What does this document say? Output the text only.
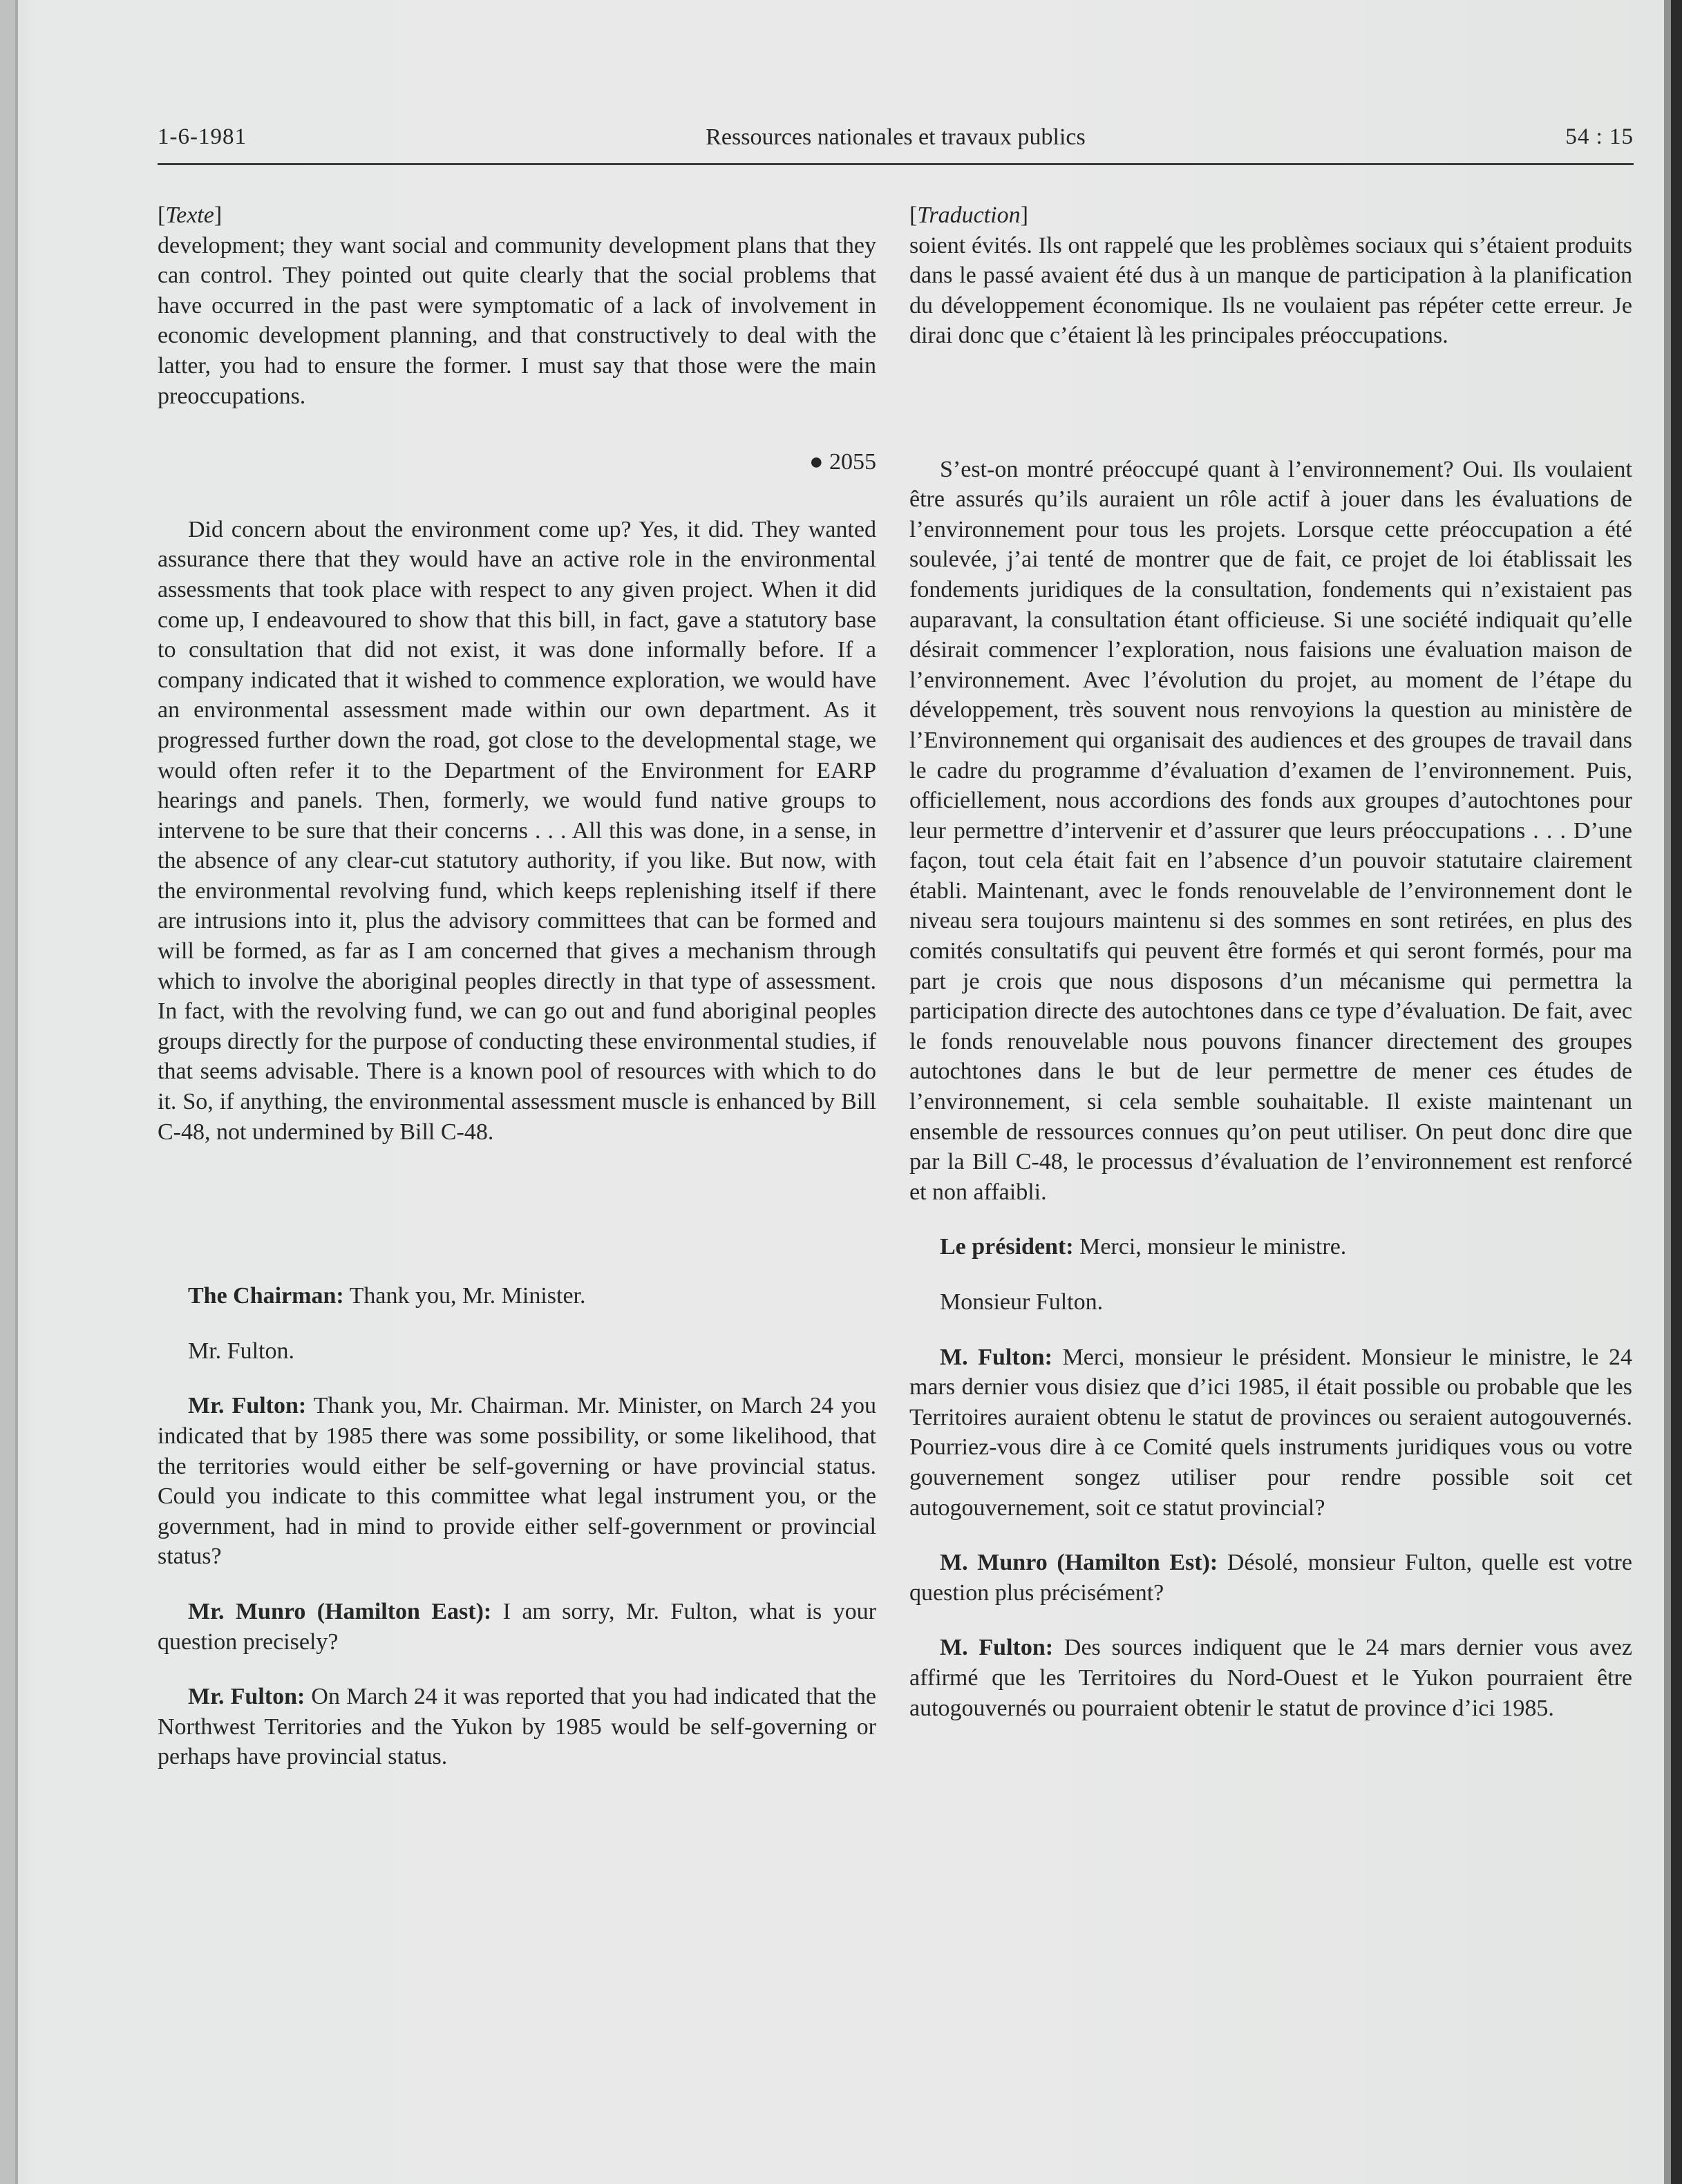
1-6-1981	Ressources nationales et travaux publics	54 : 15

[Texte]

development; they want social and community development plans that they can control. They pointed out quite clearly that the social problems that have occurred in the past were symptomatic of a lack of involvement in economic development planning, and that constructively to deal with the latter, you had to ensure the former. I must say that those were the main preoccupations.

● 2055

Did concern about the environment come up? Yes, it did. They wanted assurance there that they would have an active role in the environmental assessments that took place with respect to any given project. When it did come up, I endeavoured to show that this bill, in fact, gave a statutory base to consultation that did not exist, it was done informally before. If a company indicated that it wished to commence exploration, we would have an environmental assessment made within our own department. As it progressed further down the road, got close to the developmental stage, we would often refer it to the Department of the Environment for EARP hearings and panels. Then, formerly, we would fund native groups to intervene to be sure that their concerns . . . All this was done, in a sense, in the absence of any clear-cut statutory authority, if you like. But now, with the environmental revolving fund, which keeps replenishing itself if there are intrusions into it, plus the advisory committees that can be formed and will be formed, as far as I am concerned that gives a mechanism through which to involve the aboriginal peoples directly in that type of assessment. In fact, with the revolving fund, we can go out and fund aboriginal peoples groups directly for the purpose of conducting these environmental studies, if that seems advisable. There is a known pool of resources with which to do it. So, if anything, the environmental assessment muscle is enhanced by Bill C-48, not undermined by Bill C-48.

The Chairman: Thank you, Mr. Minister.

Mr. Fulton.

Mr. Fulton: Thank you, Mr. Chairman. Mr. Minister, on March 24 you indicated that by 1985 there was some possibility, or some likelihood, that the territories would either be self-governing or have provincial status. Could you indicate to this committee what legal instrument you, or the government, had in mind to provide either self-government or provincial status?

Mr. Munro (Hamilton East): I am sorry, Mr. Fulton, what is your question precisely?

Mr. Fulton: On March 24 it was reported that you had indicated that the Northwest Territories and the Yukon by 1985 would be self-governing or perhaps have provincial status.

[Traduction]

soient évités. Ils ont rappelé que les problèmes sociaux qui s’étaient produits dans le passé avaient été dus à un manque de participation à la planification du développement économique. Ils ne voulaient pas répéter cette erreur. Je dirai donc que c’étaient là les principales préoccupations.

S’est-on montré préoccupé quant à l’environnement? Oui. Ils voulaient être assurés qu’ils auraient un rôle actif à jouer dans les évaluations de l’environnement pour tous les projets. Lorsque cette préoccupation a été soulevée, j’ai tenté de montrer que de fait, ce projet de loi établissait les fondements juridiques de la consultation, fondements qui n’existaient pas auparavant, la consultation étant officieuse. Si une société indiquait qu’elle désirait commencer l’exploration, nous faisions une évaluation maison de l’environnement. Avec l’évolution du projet, au moment de l’étape du développement, très souvent nous renvoyions la question au ministère de l’Environnement qui organisait des audiences et des groupes de travail dans le cadre du programme d’évaluation d’examen de l’environnement. Puis, officiellement, nous accordions des fonds aux groupes d’autochtones pour leur permettre d’intervenir et d’assurer que leurs préoccupations . . . D’une façon, tout cela était fait en l’absence d’un pouvoir statutaire clairement établi. Maintenant, avec le fonds renouvelable de l’environnement dont le niveau sera toujours maintenu si des sommes en sont retirées, en plus des comités consultatifs qui peuvent être formés et qui seront formés, pour ma part je crois que nous disposons d’un mécanisme qui permettra la participation directe des autochtones dans ce type d’évaluation. De fait, avec le fonds renouvelable nous pouvons financer directement des groupes autochtones dans le but de leur permettre de mener ces études de l’environnement, si cela semble souhaitable. Il existe maintenant un ensemble de ressources connues qu’on peut utiliser. On peut donc dire que par la Bill C-48, le processus d’évaluation de l’environnement est renforcé et non affaibli.

Le président: Merci, monsieur le ministre.

Monsieur Fulton.

M. Fulton: Merci, monsieur le président. Monsieur le ministre, le 24 mars dernier vous disiez que d’ici 1985, il était possible ou probable que les Territoires auraient obtenu le statut de provinces ou seraient autogouvernés. Pourriez-vous dire à ce Comité quels instruments juridiques vous ou votre gouvernement songez utiliser pour rendre possible soit cet autogouvernement, soit ce statut provincial?

M. Munro (Hamilton Est): Désolé, monsieur Fulton, quelle est votre question plus précisément?

M. Fulton: Des sources indiquent que le 24 mars dernier vous avez affirmé que les Territoires du Nord-Ouest et le Yukon pourraient être autogouvernés ou pourraient obtenir le statut de province d’ici 1985.
